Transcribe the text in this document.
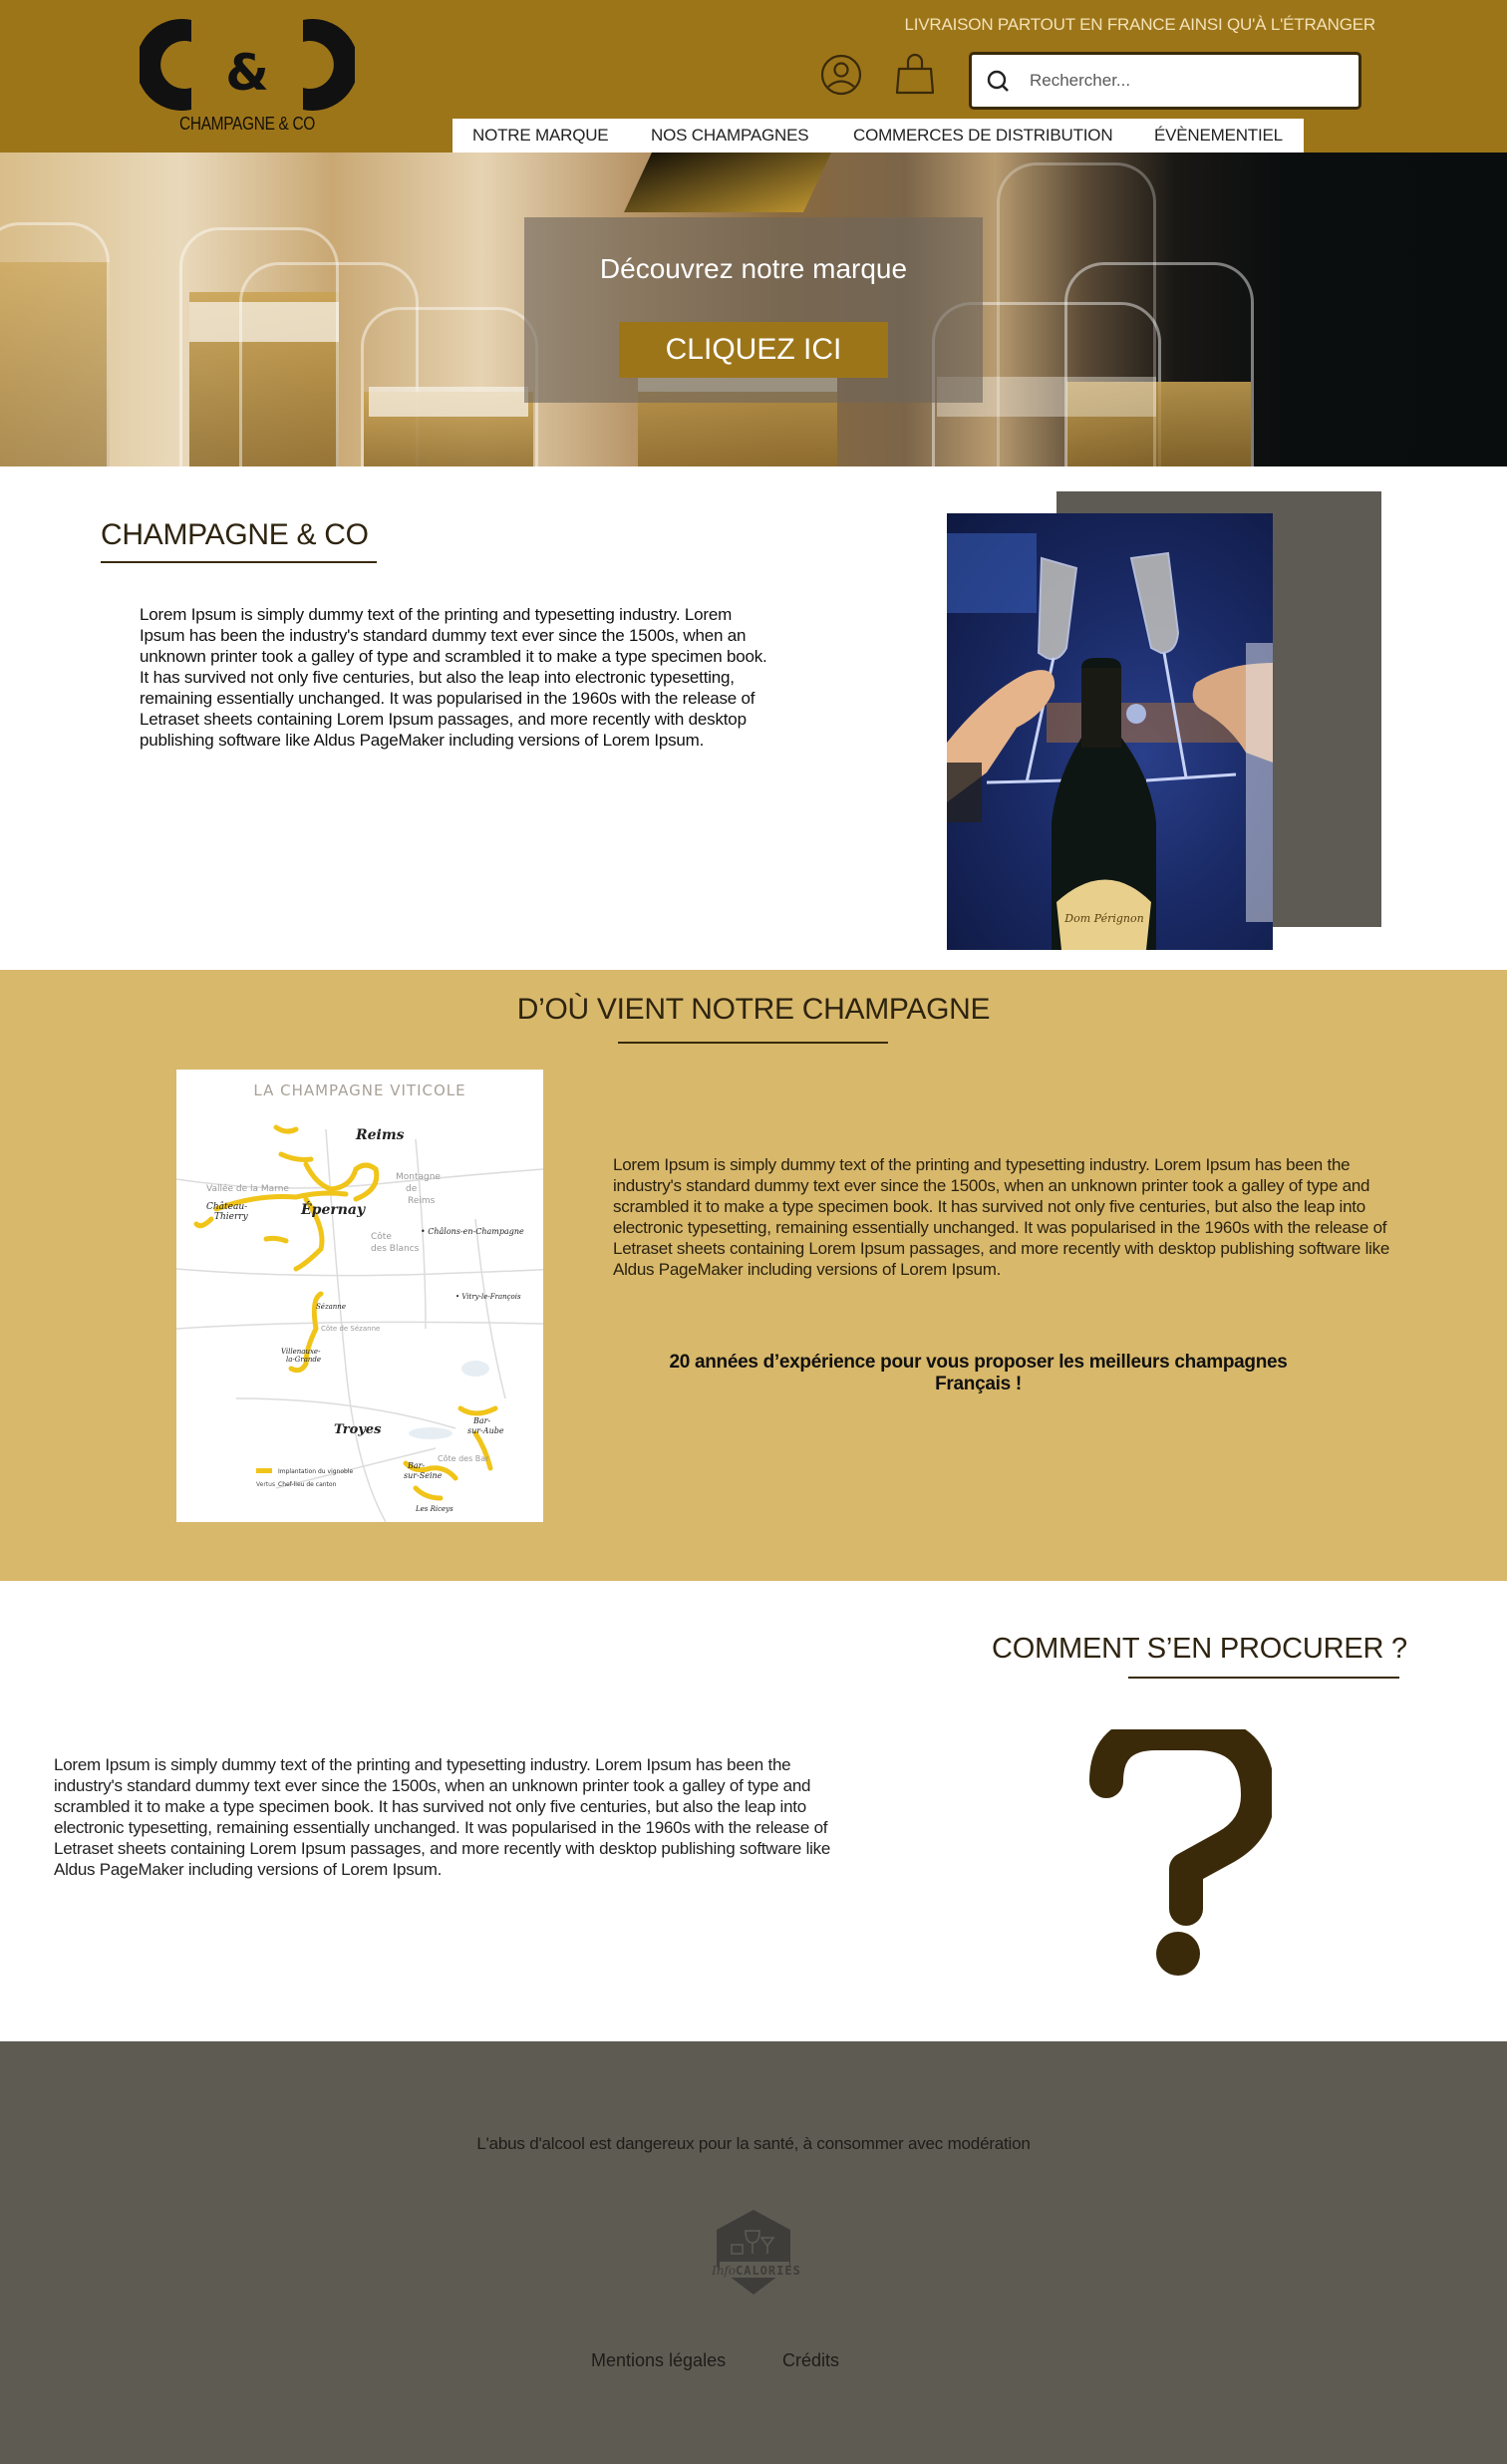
&
CHAMPAGNE & CO
LIVRAISON PARTOUT EN FRANCE AINSI QU'À L'ÉTRANGER
Rechercher...
NOTRE MARQUE	NOS CHAMPAGNES	COMMERCES DE DISTRIBUTION ÉVÈNEMENTIEL
Découvrez notre marque
CLIQUEZ ICI
CHAMPAGNE & CO
Lorem Ipsum is simply dummy text of the printing and typesetting industry. Lorem Ipsum has been the industry's standard dummy text ever since the 1500s, when an unknown printer took a galley of type and scrambled it to make a type specimen book. It has survived not only five centuries, but also the leap into electronic typesetting, remaining essentially unchanged. It was popularised in the 1960s with the release of Letraset sheets containing Lorem Ipsum passages, and more recently with desktop publishing software like Aldus PageMaker including versions of Lorem Ipsum.
Dom Pérignon
D’OÙ VIENT NOTRE CHAMPAGNE
LA CHAMPAGNE VITICOLE
Reims
Épernay
Château-
Thierry
• Châlons-en-Champagne
• Vitry-le-François
Sézanne
Villenauxe-
la-Grande
Troyes
Bar-
sur-Aube
Bar-
sur-Seine
Les Riceys
Montagne
de
Reims
Vallée de la Marne
Côte
des Blancs
Côte de Sézanne
Côte des Bar
Implantation du vignoble
Vertus Chef-lieu de canton
Lorem Ipsum is simply dummy text of the printing and typesetting industry. Lorem Ipsum has been the industry's standard dummy text ever since the 1500s, when an unknown printer took a galley of type and scrambled it to make a type specimen book. It has survived not only five centuries, but also the leap into electronic typesetting, remaining essentially unchanged. It was popularised in the 1960s with the release of Letraset sheets containing Lorem Ipsum passages, and more recently with desktop publishing software like Aldus PageMaker including versions of Lorem Ipsum.
20 années d’expérience pour vous proposer les meilleurs champagnes Français !
COMMENT S’EN PROCURER ?
Lorem Ipsum is simply dummy text of the printing and typesetting industry. Lorem Ipsum has been the industry's standard dummy text ever since the 1500s, when an unknown printer took a galley of type and scrambled it to make a type specimen book. It has survived not only five centuries, but also the leap into electronic typesetting, remaining essentially unchanged. It was popularised in the 1960s with the release of Letraset sheets containing Lorem Ipsum passages, and more recently with desktop publishing software like Aldus PageMaker including versions of Lorem Ipsum.
L'abus d'alcool est dangereux pour la santé, à consommer avec modération
Info CALORIES
Mentions légales	Crédits
